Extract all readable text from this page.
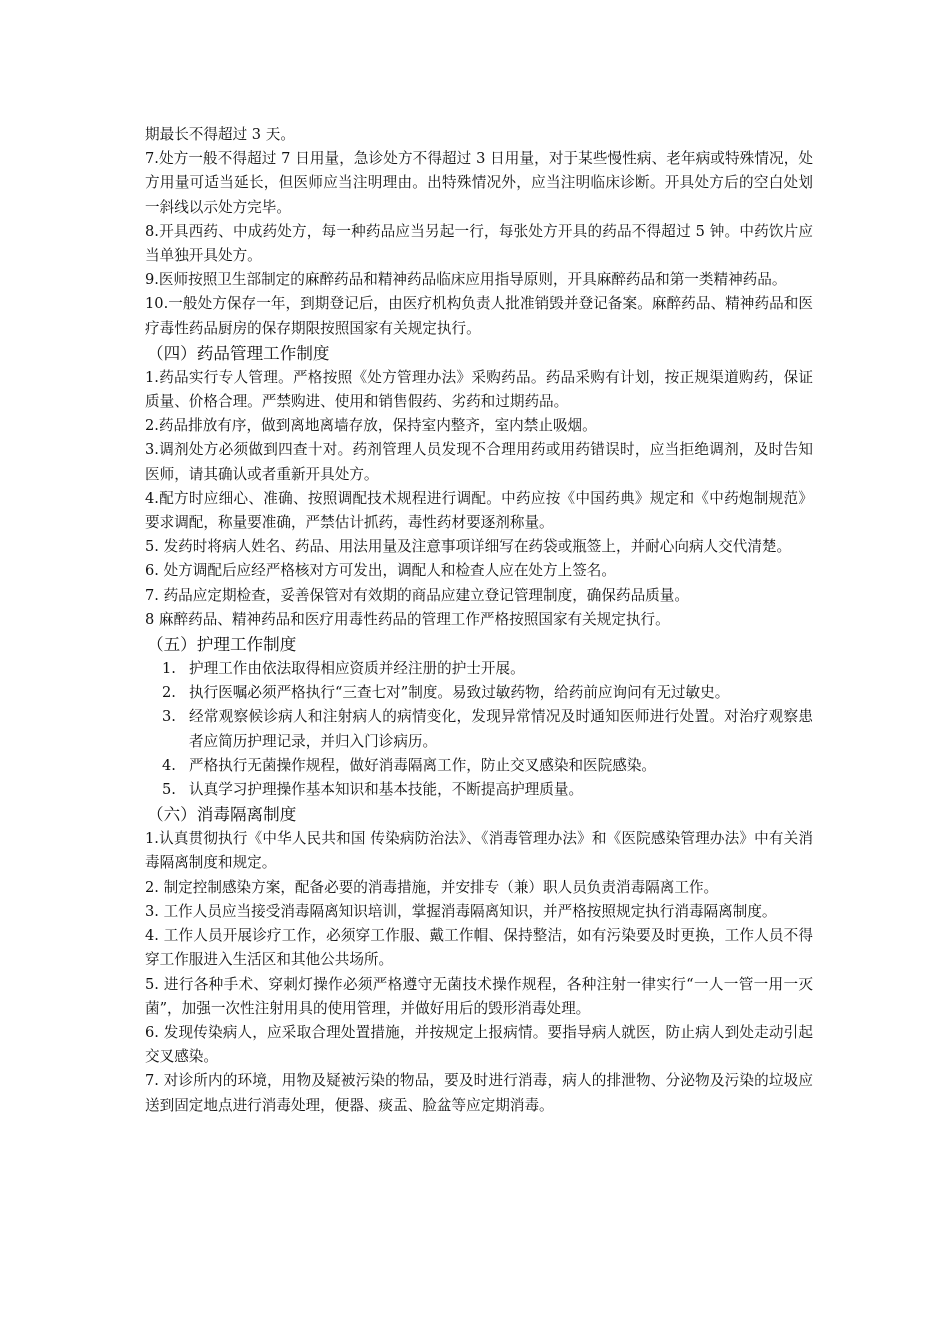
期最长不得超过 3 天。

7.处方一般不得超过 7 日用量，急诊处方不得超过 3 日用量，对于某些慢性病、老年病或特殊情况，处方用量可适当延长，但医师应当注明理由。出特殊情况外，应当注明临床诊断。开具处方后的空白处划一斜线以示处方完毕。

8.开具西药、中成药处方，每一种药品应当另起一行，每张处方开具的药品不得超过 5 钟。中药饮片应当单独开具处方。

9.医师按照卫生部制定的麻醉药品和精神药品临床应用指导原则，开具麻醉药品和第一类精神药品。

10.一般处方保存一年，到期登记后，由医疗机构负责人批准销毁并登记备案。麻醉药品、精神药品和医疗毒性药品厨房的保存期限按照国家有关规定执行。

（四）药品管理工作制度

1.药品实行专人管理。严格按照《处方管理办法》采购药品。药品采购有计划，按正规渠道购药，保证质量、价格合理。严禁购进、使用和销售假药、劣药和过期药品。

2.药品排放有序，做到离地离墙存放，保持室内整齐，室内禁止吸烟。

3.调剂处方必须做到四查十对。药剂管理人员发现不合理用药或用药错误时，应当拒绝调剂，及时告知医师，请其确认或者重新开具处方。

4.配方时应细心、准确、按照调配技术规程进行调配。中药应按《中国药典》规定和《中药炮制规范》要求调配，称量要准确，严禁估计抓药，毒性药材要逐剂称量。

5. 发药时将病人姓名、药品、用法用量及注意事项详细写在药袋或瓶签上，并耐心向病人交代清楚。

6. 处方调配后应经严格核对方可发出，调配人和检查人应在处方上签名。

7. 药品应定期检查，妥善保管对有效期的商品应建立登记管理制度，确保药品质量。

8 麻醉药品、精神药品和医疗用毒性药品的管理工作严格按照国家有关规定执行。

（五）护理工作制度

1. 护理工作由依法取得相应资质并经注册的护士开展。
2. 执行医嘱必须严格执行“三查七对”制度。易致过敏药物，给药前应询问有无过敏史。
3. 经常观察候诊病人和注射病人的病情变化，发现异常情况及时通知医师进行处置。对治疗观察患者应简历护理记录，并归入门诊病历。
4. 严格执行无菌操作规程，做好消毒隔离工作，防止交叉感染和医院感染。
5. 认真学习护理操作基本知识和基本技能，不断提高护理质量。

（六）消毒隔离制度

1.认真贯彻执行《中华人民共和国 传染病防治法》、《消毒管理办法》和《医院感染管理办法》中有关消毒隔离制度和规定。

2. 制定控制感染方案，配备必要的消毒措施，并安排专（兼）职人员负责消毒隔离工作。

3. 工作人员应当接受消毒隔离知识培训，掌握消毒隔离知识，并严格按照规定执行消毒隔离制度。

4. 工作人员开展诊疗工作，必须穿工作服、戴工作帽、保持整洁，如有污染要及时更换，工作人员不得穿工作服进入生活区和其他公共场所。

5. 进行各种手术、穿刺灯操作必须严格遵守无菌技术操作规程，各种注射一律实行“一人一管一用一灭菌”，加强一次性注射用具的使用管理，并做好用后的毁形消毒处理。

6. 发现传染病人，应采取合理处置措施，并按规定上报病情。要指导病人就医，防止病人到处走动引起交叉感染。

7. 对诊所内的环境，用物及疑被污染的物品，要及时进行消毒，病人的排泄物、分泌物及污染的垃圾应送到固定地点进行消毒处理，便器、痰盂、脸盆等应定期消毒。
